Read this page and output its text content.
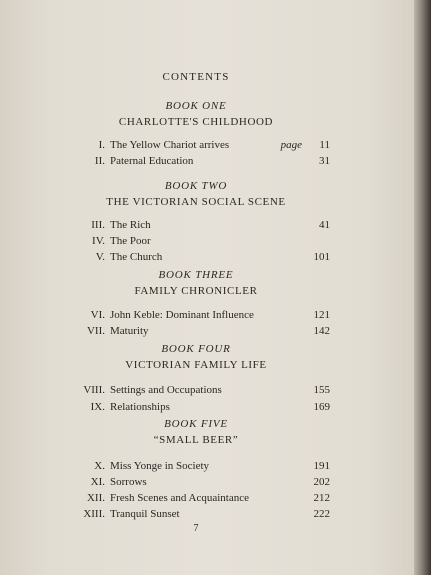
CONTENTS
BOOK ONE
CHARLOTTE'S CHILDHOOD
I. The Yellow Chariot arrives	page 11
II. Paternal Education	31
BOOK TWO
THE VICTORIAN SOCIAL SCENE
III. The Rich	41
IV. The Poor
V. The Church	101
BOOK THREE
FAMILY CHRONICLER
VI. John Keble: Dominant Influence	121
VII. Maturity	142
BOOK FOUR
VICTORIAN FAMILY LIFE
VIII. Settings and Occupations	155
IX. Relationships	169
BOOK FIVE
“SMALL BEER”
X. Miss Yonge in Society	191
XI. Sorrows	202
XII. Fresh Scenes and Acquaintance	212
XIII. Tranquil Sunset	222
7
